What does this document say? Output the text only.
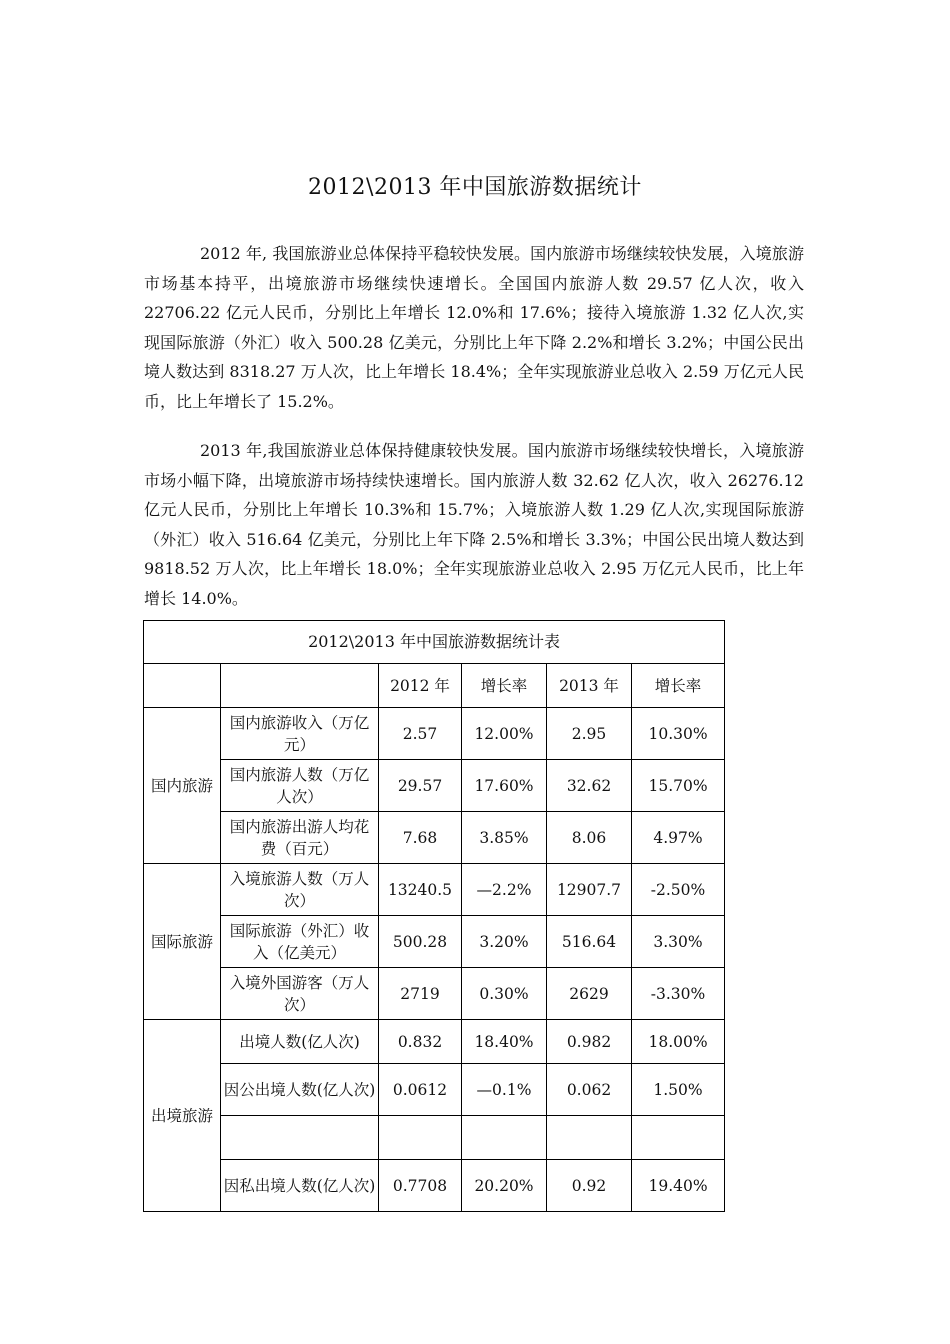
2012\2013 年中国旅游数据统计

2012 年, 我国旅游业总体保持平稳较快发展。国内旅游市场继续较快发展，入境旅游市场基本持平，出境旅游市场继续快速增长。全国国内旅游人数 29.57 亿人次，收入 22706.22 亿元人民币，分别比上年增长 12.0%和 17.6%；接待入境旅游 1.32 亿人次,实现国际旅游（外汇）收入 500.28 亿美元，分别比上年下降 2.2%和增长 3.2%；中国公民出境人数达到 8318.27 万人次，比上年增长 18.4%；全年实现旅游业总收入 2.59 万亿元人民币，比上年增长了 15.2%。

2013 年,我国旅游业总体保持健康较快发展。国内旅游市场继续较快增长，入境旅游市场小幅下降，出境旅游市场持续快速增长。国内旅游人数 32.62 亿人次，收入 26276.12 亿元人民币，分别比上年增长 10.3%和 15.7%；入境旅游人数 1.29 亿人次,实现国际旅游（外汇）收入 516.64 亿美元，分别比上年下降 2.5%和增长 3.3%；中国公民出境人数达到 9818.52 万人次，比上年增长 18.0%；全年实现旅游业总收入 2.95 万亿元人民币，比上年增长 14.0%。

2012\2013 年中国旅游数据统计表					
		2012 年	增长率	2013 年	增长率
国内旅游	国内旅游收入（万亿元）	2.57	12.00%	2.95	10.30%
	国内旅游人数（万亿人次）	29.57	17.60%	32.62	15.70%
	国内旅游出游人均花费（百元）	7.68	3.85%	8.06	4.97%
国际旅游	入境旅游人数（万人次）	13240.5	—2.2%	12907.7	-2.50%
	国际旅游（外汇）收入（亿美元）	500.28	3.20%	516.64	3.30%
	入境外国游客（万人次）	2719	0.30%	2629	-3.30%
出境旅游	出境人数(亿人次)	0.832	18.40%	0.982	18.00%
	因公出境人数(亿人次)	0.0612	—0.1%	0.062	1.50%

	因私出境人数(亿人次)	0.7708	20.20%	0.92	19.40%
